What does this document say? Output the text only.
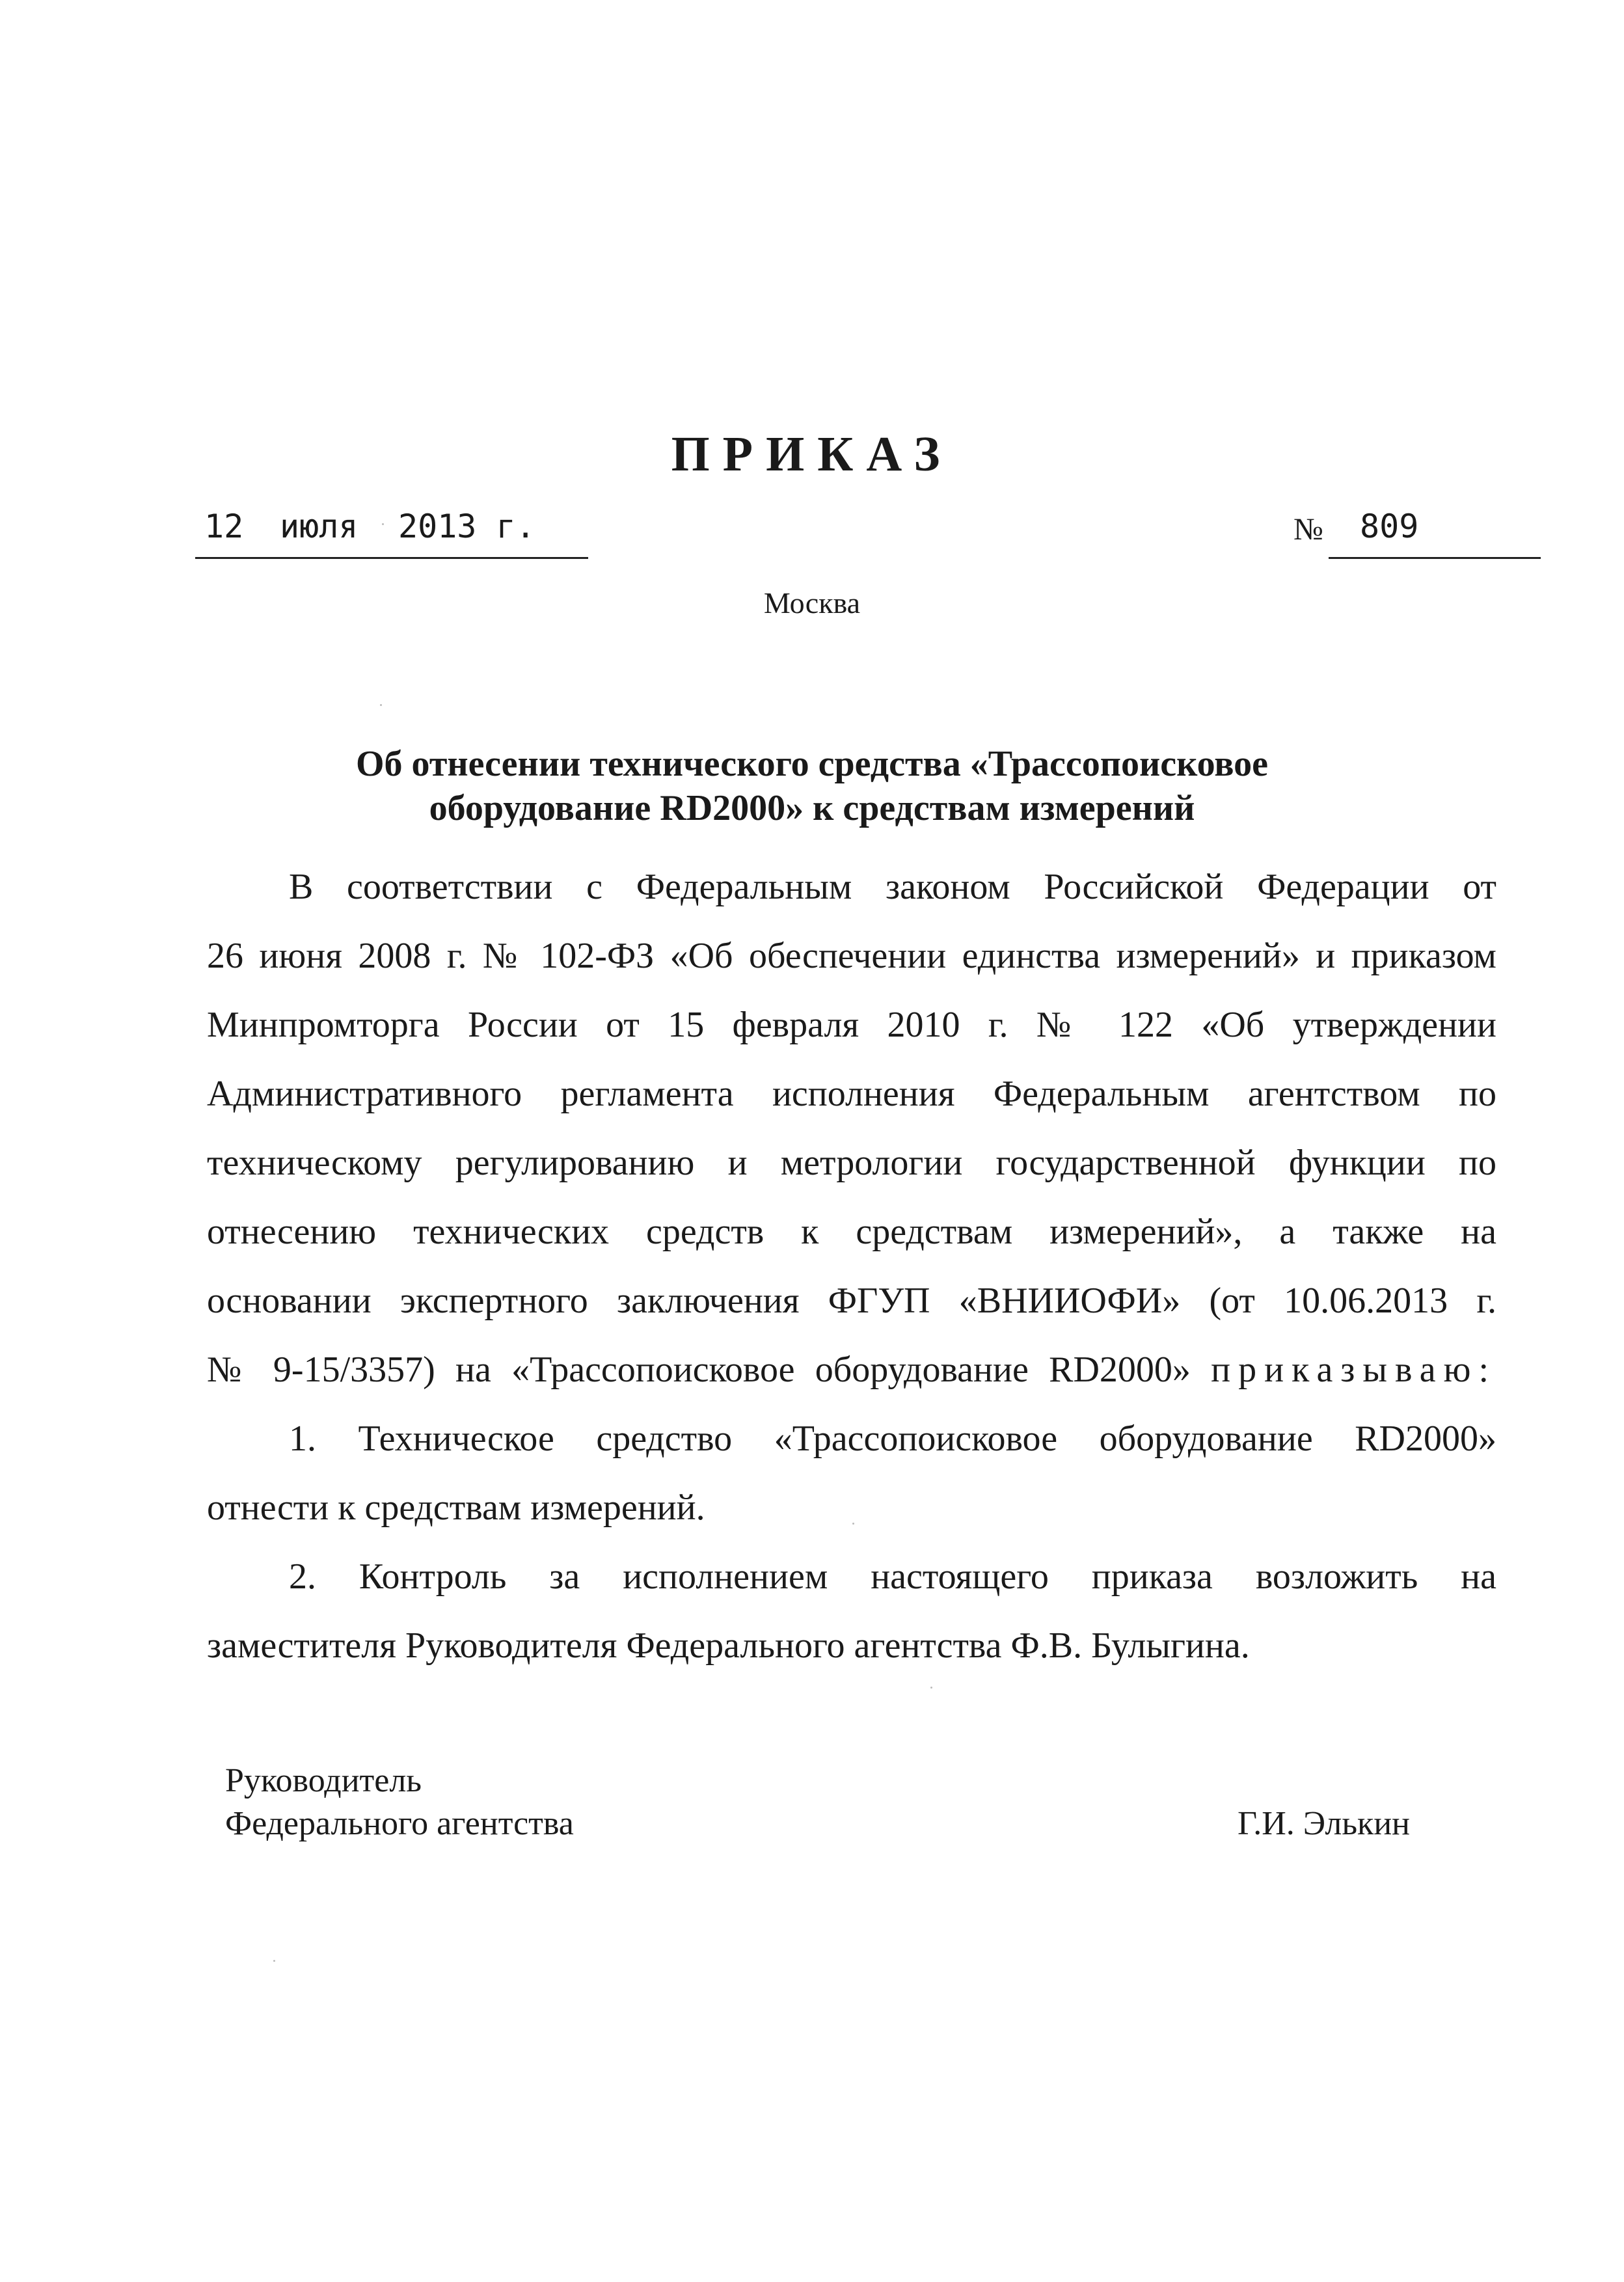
ПРИКАЗ
12 июля 2013 г.	№ 809
Москва
Об отнесении технического средства «Трассопоисковое
оборудование RD2000» к средствам измерений
В соответствии с Федеральным законом Российской Федерации от
26 июня 2008 г. № 102-ФЗ «Об обеспечении единства измерений» и приказом
Минпромторга России от 15 февраля 2010 г. № 122 «Об утверждении
Административного регламента исполнения Федеральным агентством по
техническому регулированию и метрологии государственной функции по
отнесению технических средств к средствам измерений», а также на
основании экспертного заключения ФГУП «ВНИИОФИ» (от 10.06.2013 г.
№ 9-15/3357) на «Трассопоисковое оборудование RD2000» приказываю:
1. Техническое средство «Трассопоисковое оборудование RD2000»
отнести к средствам измерений.
2. Контроль за исполнением настоящего приказа возложить на
заместителя Руководителя Федерального агентства Ф.В. Булыгина.
Руководитель
Федерального агентства	Г.И. Элькин
